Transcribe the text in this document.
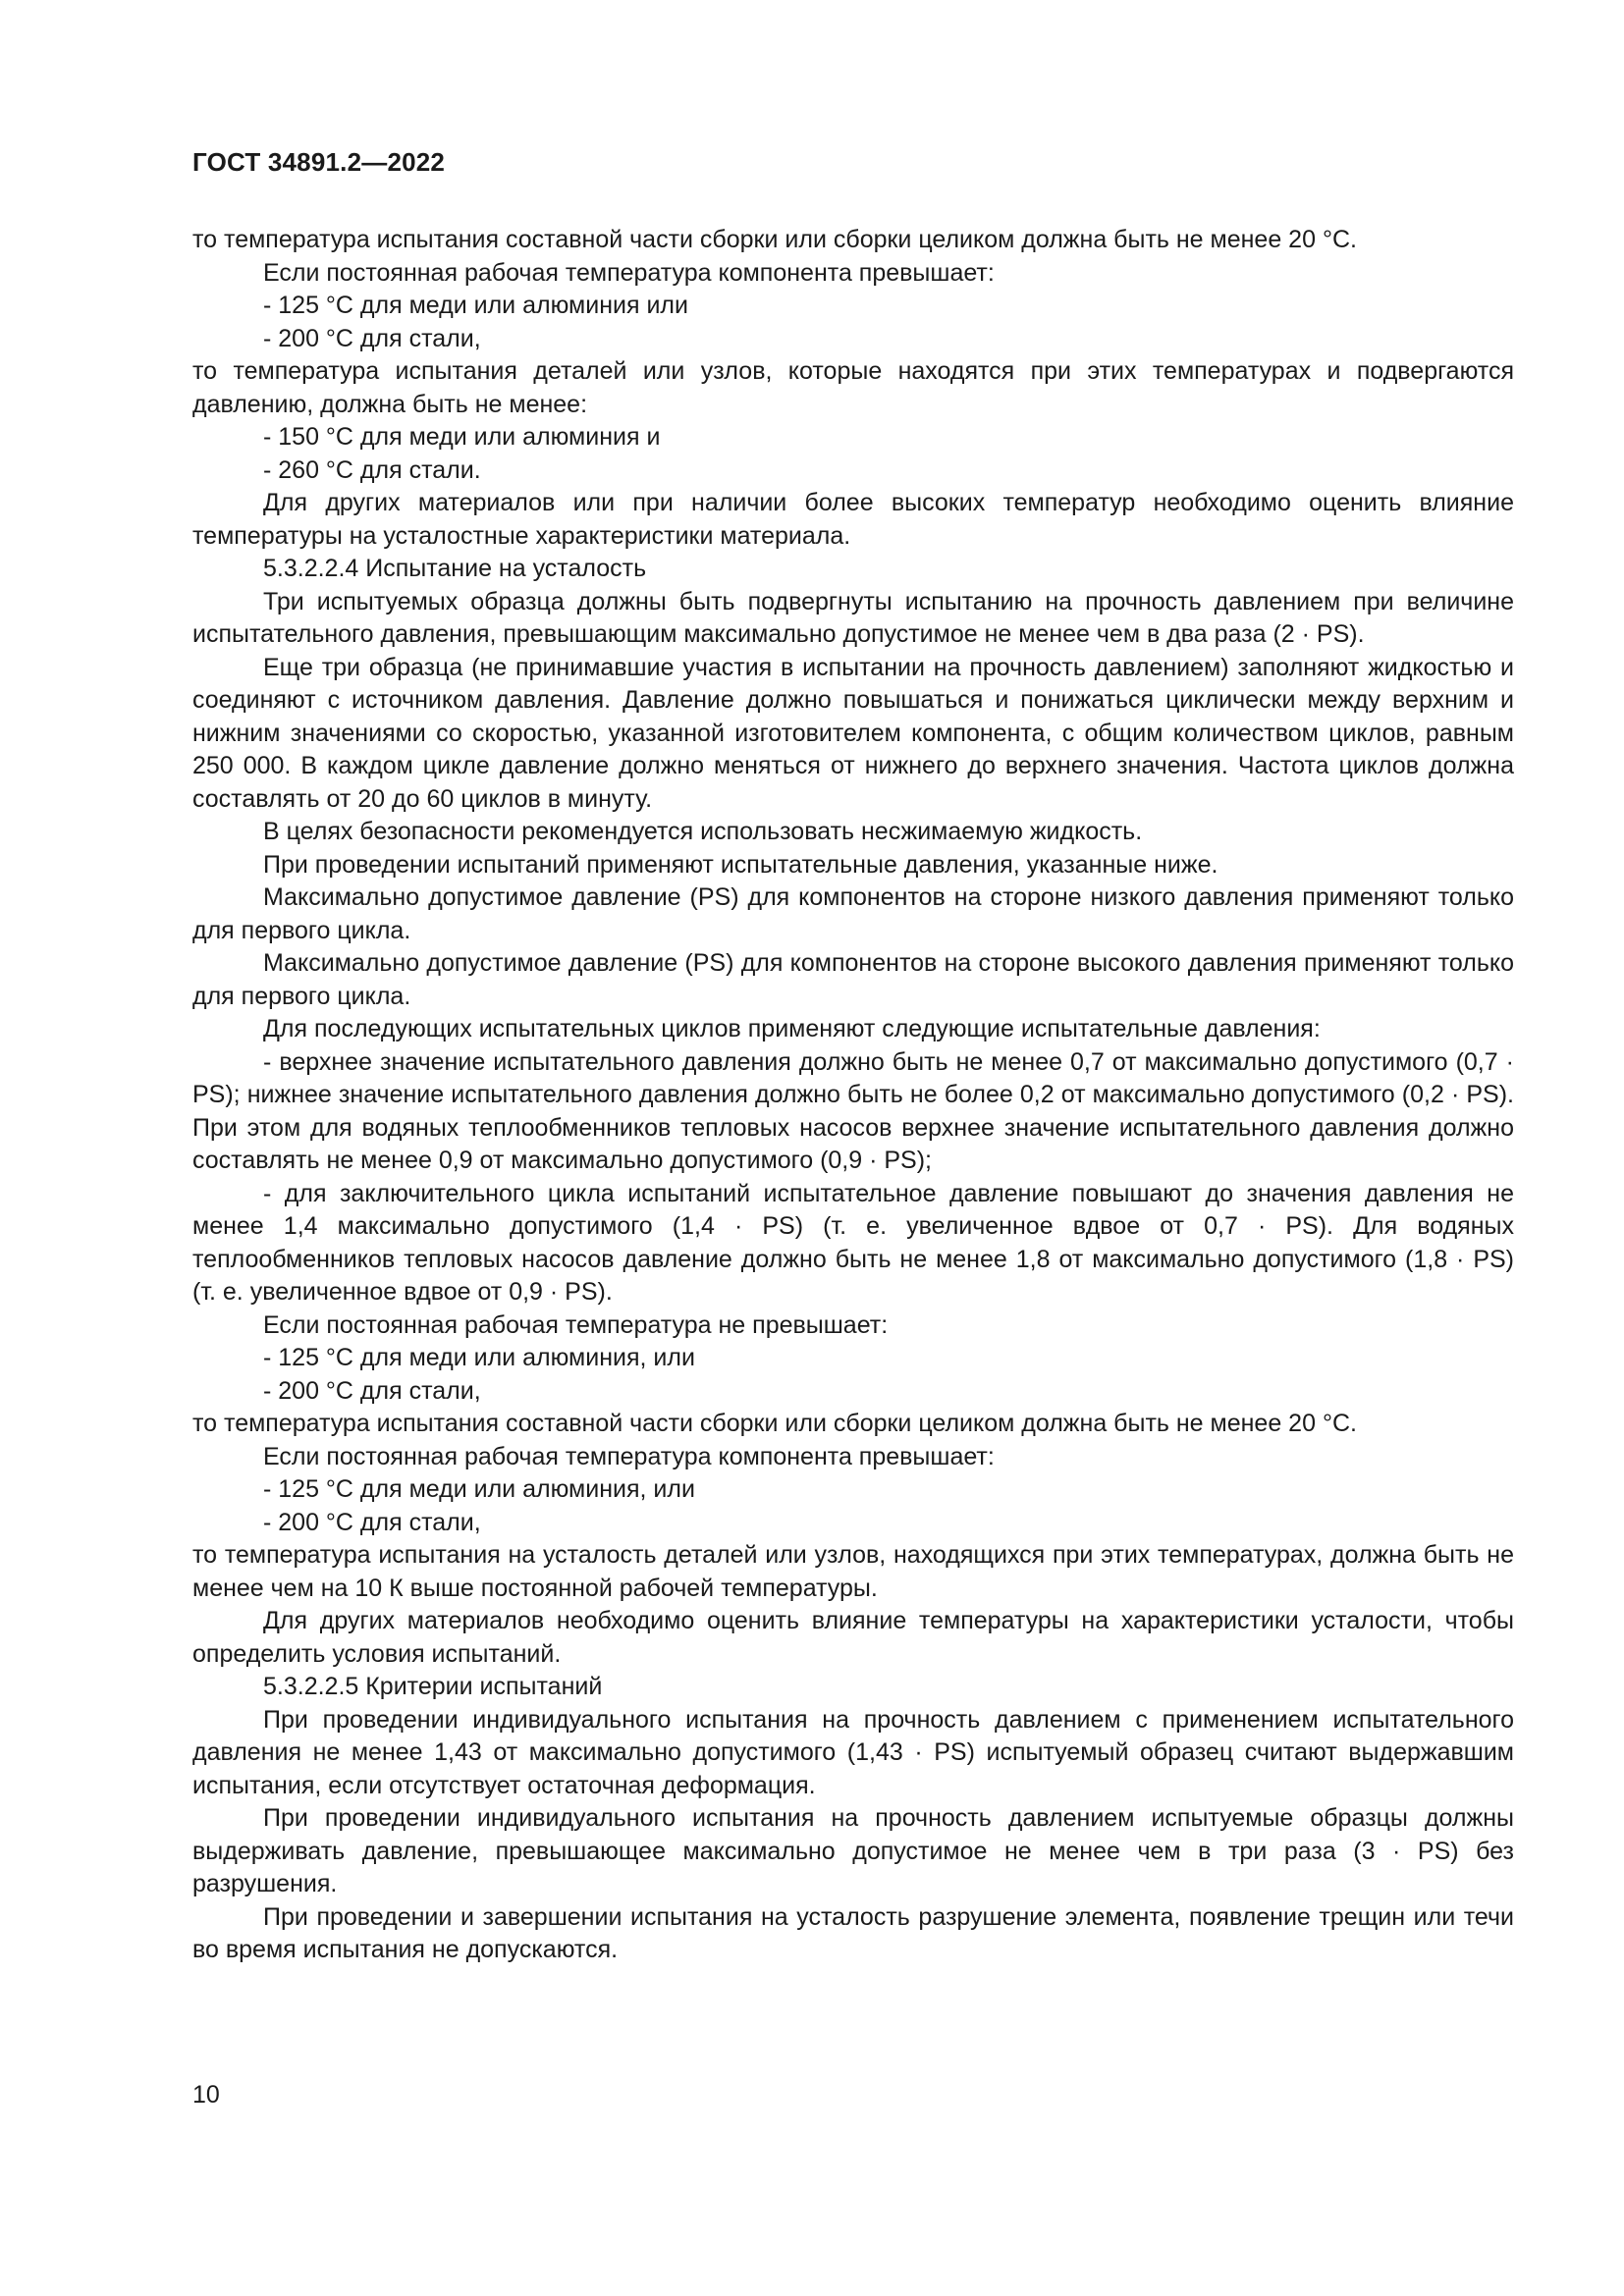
ГОСТ 34891.2—2022

то температура испытания составной части сборки или сборки целиком должна быть не менее 20 °С.

Если постоянная рабочая температура компонента превышает:

- 125 °С для меди или алюминия или

- 200 °С для стали,

то температура испытания деталей или узлов, которые находятся при этих температурах и подвергаются давлению, должна быть не менее:

- 150 °С для меди или алюминия и

- 260 °С для стали.

Для других материалов или при наличии более высоких температур необходимо оценить влияние температуры на усталостные характеристики материала.

5.3.2.2.4 Испытание на усталость

Три испытуемых образца должны быть подвергнуты испытанию на прочность давлением при величине испытательного давления, превышающим максимально допустимое не менее чем в два раза (2 · PS).

Еще три образца (не принимавшие участия в испытании на прочность давлением) заполняют жидкостью и соединяют с источником давления. Давление должно повышаться и понижаться циклически между верхним и нижним значениями со скоростью, указанной изготовителем компонента, с общим количеством циклов, равным 250 000. В каждом цикле давление должно меняться от нижнего до верхнего значения. Частота циклов должна составлять от 20 до 60 циклов в минуту.

В целях безопасности рекомендуется использовать несжимаемую жидкость.

При проведении испытаний применяют испытательные давления, указанные ниже.

Максимально допустимое давление (PS) для компонентов на стороне низкого давления применяют только для первого цикла.

Максимально допустимое давление (PS) для компонентов на стороне высокого давления применяют только для первого цикла.

Для последующих испытательных циклов применяют следующие испытательные давления:

- верхнее значение испытательного давления должно быть не менее 0,7 от максимально допустимого (0,7 · PS); нижнее значение испытательного давления должно быть не более 0,2 от максимально допустимого (0,2 · PS). При этом для водяных теплообменников тепловых насосов верхнее значение испытательного давления должно составлять не менее 0,9 от максимально допустимого (0,9 · PS);

- для заключительного цикла испытаний испытательное давление повышают до значения давления не менее 1,4 максимально допустимого (1,4 · PS) (т. е. увеличенное вдвое от 0,7 · PS). Для водяных теплообменников тепловых насосов давление должно быть не менее 1,8 от максимально допустимого (1,8 · PS) (т. е. увеличенное вдвое от 0,9 · PS).

Если постоянная рабочая температура не превышает:

- 125 °С для меди или алюминия, или

- 200 °С для стали,

то температура испытания составной части сборки или сборки целиком должна быть не менее 20 °С.

Если постоянная рабочая температура компонента превышает:

- 125 °С для меди или алюминия, или

- 200 °С для стали,

то температура испытания на усталость деталей или узлов, находящихся при этих температурах, должна быть не менее чем на 10 К выше постоянной рабочей температуры.

Для других материалов необходимо оценить влияние температуры на характеристики усталости, чтобы определить условия испытаний.

5.3.2.2.5 Критерии испытаний

При проведении индивидуального испытания на прочность давлением с применением испытательного давления не менее 1,43 от максимально допустимого (1,43 · PS) испытуемый образец считают выдержавшим испытания, если отсутствует остаточная деформация.

При проведении индивидуального испытания на прочность давлением испытуемые образцы должны выдерживать давление, превышающее максимально допустимое не менее чем в три раза (3 · PS) без разрушения.

При проведении и завершении испытания на усталость разрушение элемента, появление трещин или течи во время испытания не допускаются.

10
